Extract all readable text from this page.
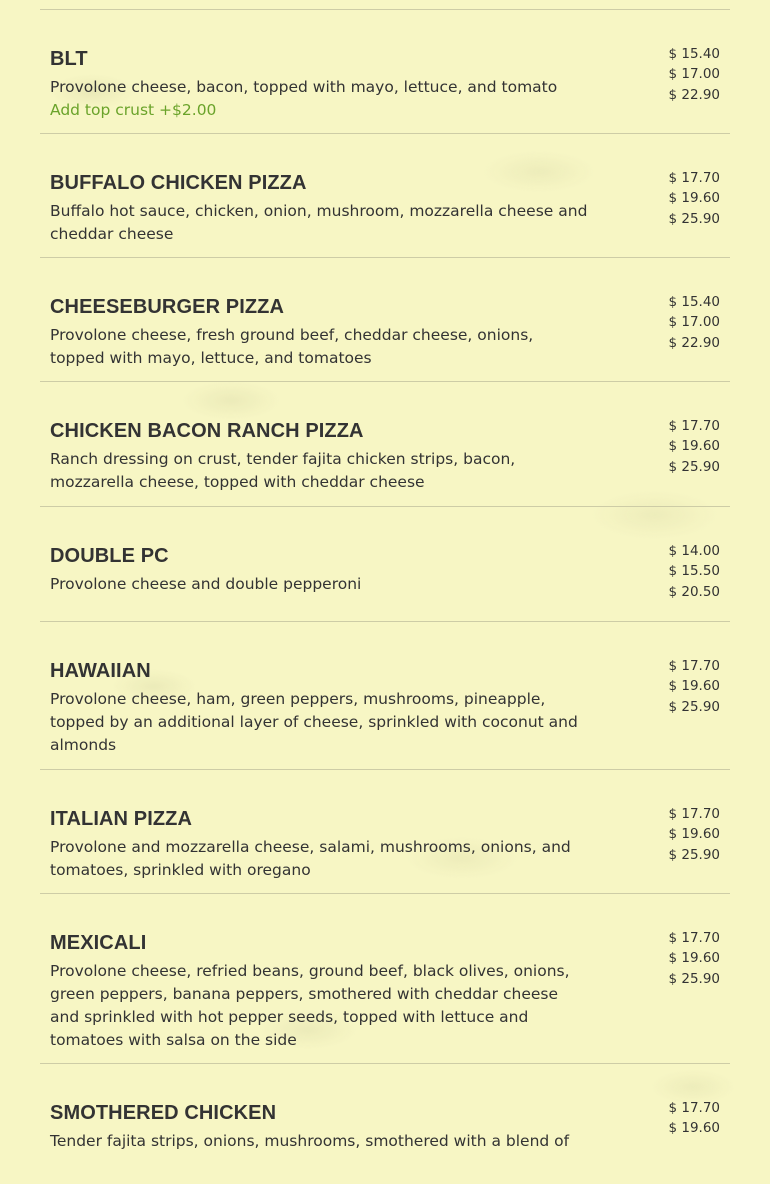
BLT
Provolone cheese, bacon, topped with mayo, lettuce, and tomato
Add top crust +$2.00
$ 15.40
$ 17.00
$ 22.90
BUFFALO CHICKEN PIZZA
Buffalo hot sauce, chicken, onion, mushroom, mozzarella cheese and cheddar cheese
$ 17.70
$ 19.60
$ 25.90
CHEESEBURGER PIZZA
Provolone cheese, fresh ground beef, cheddar cheese, onions, topped with mayo, lettuce, and tomatoes
$ 15.40
$ 17.00
$ 22.90
CHICKEN BACON RANCH PIZZA
Ranch dressing on crust, tender fajita chicken strips, bacon, mozzarella cheese, topped with cheddar cheese
$ 17.70
$ 19.60
$ 25.90
DOUBLE PC
Provolone cheese and double pepperoni
$ 14.00
$ 15.50
$ 20.50
HAWAIIAN
Provolone cheese, ham, green peppers, mushrooms, pineapple, topped by an additional layer of cheese, sprinkled with coconut and almonds
$ 17.70
$ 19.60
$ 25.90
ITALIAN PIZZA
Provolone and mozzarella cheese, salami, mushrooms, onions, and tomatoes, sprinkled with oregano
$ 17.70
$ 19.60
$ 25.90
MEXICALI
Provolone cheese, refried beans, ground beef, black olives, onions, green peppers, banana peppers, smothered with cheddar cheese and sprinkled with hot pepper seeds, topped with lettuce and tomatoes with salsa on the side
$ 17.70
$ 19.60
$ 25.90
SMOTHERED CHICKEN
Tender fajita strips, onions, mushrooms, smothered with a blend of
$ 17.70
$ 19.60
